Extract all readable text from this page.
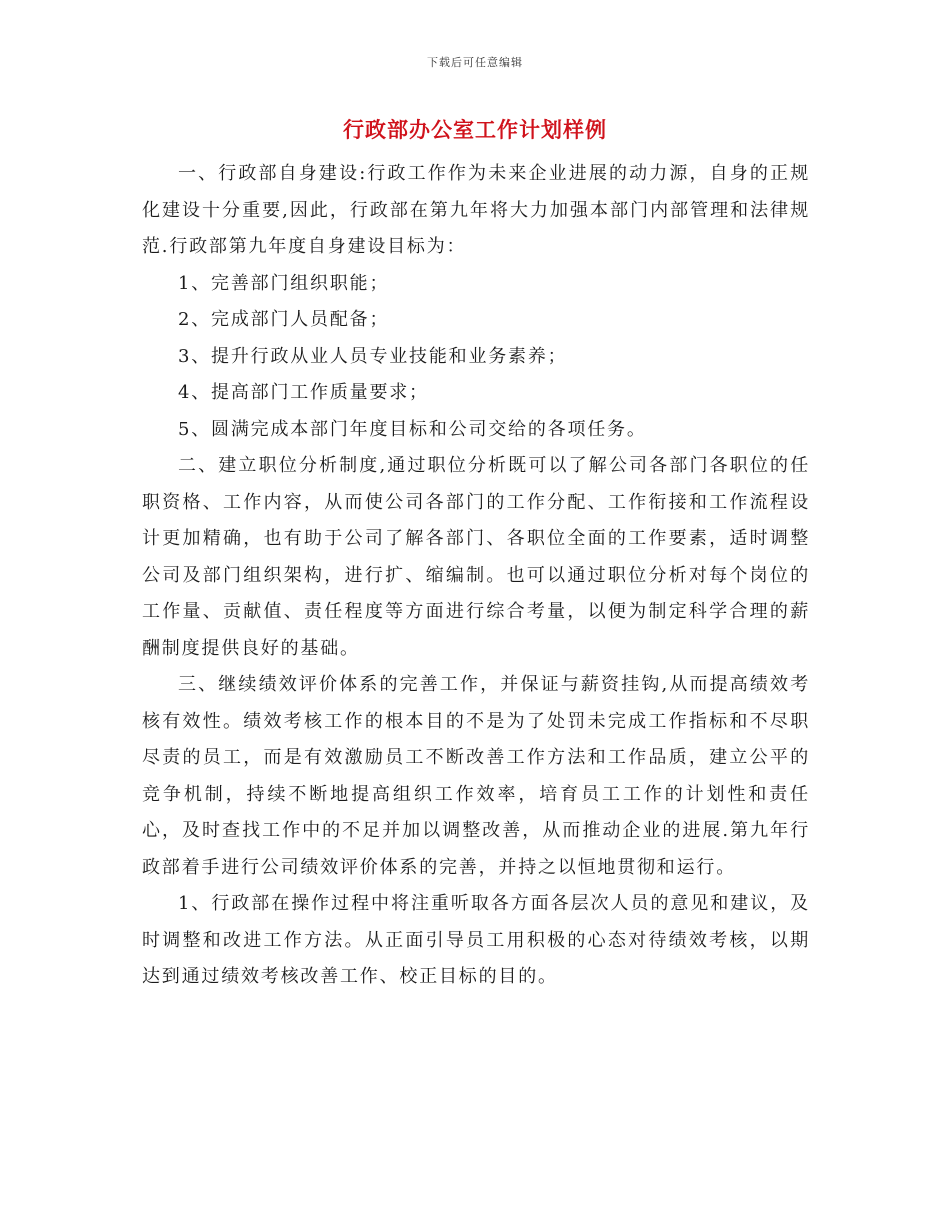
下载后可任意编辑
行政部办公室工作计划样例

一、行政部自身建设:行政工作作为未来企业进展的动力源，自身的正规化建设十分重要,因此，行政部在第九年将大力加强本部门内部管理和法律规范.行政部第九年度自身建设目标为：

1、完善部门组织职能；

2、完成部门人员配备；

3、提升行政从业人员专业技能和业务素养；

4、提高部门工作质量要求；

5、圆满完成本部门年度目标和公司交给的各项任务。

二、建立职位分析制度,通过职位分析既可以了解公司各部门各职位的任职资格、工作内容，从而使公司各部门的工作分配、工作衔接和工作流程设计更加精确，也有助于公司了解各部门、各职位全面的工作要素，适时调整公司及部门组织架构，进行扩、缩编制。也可以通过职位分析对每个岗位的工作量、贡献值、责任程度等方面进行综合考量，以便为制定科学合理的薪酬制度提供良好的基础。

三、继续绩效评价体系的完善工作，并保证与薪资挂钩,从而提高绩效考核有效性。绩效考核工作的根本目的不是为了处罚未完成工作指标和不尽职尽责的员工，而是有效激励员工不断改善工作方法和工作品质，建立公平的竞争机制，持续不断地提高组织工作效率，培育员工工作的计划性和责任心，及时查找工作中的不足并加以调整改善，从而推动企业的进展.第九年行政部着手进行公司绩效评价体系的完善，并持之以恒地贯彻和运行。

1、行政部在操作过程中将注重听取各方面各层次人员的意见和建议，及时调整和改进工作方法。从正面引导员工用积极的心态对待绩效考核，以期达到通过绩效考核改善工作、校正目标的目的。
